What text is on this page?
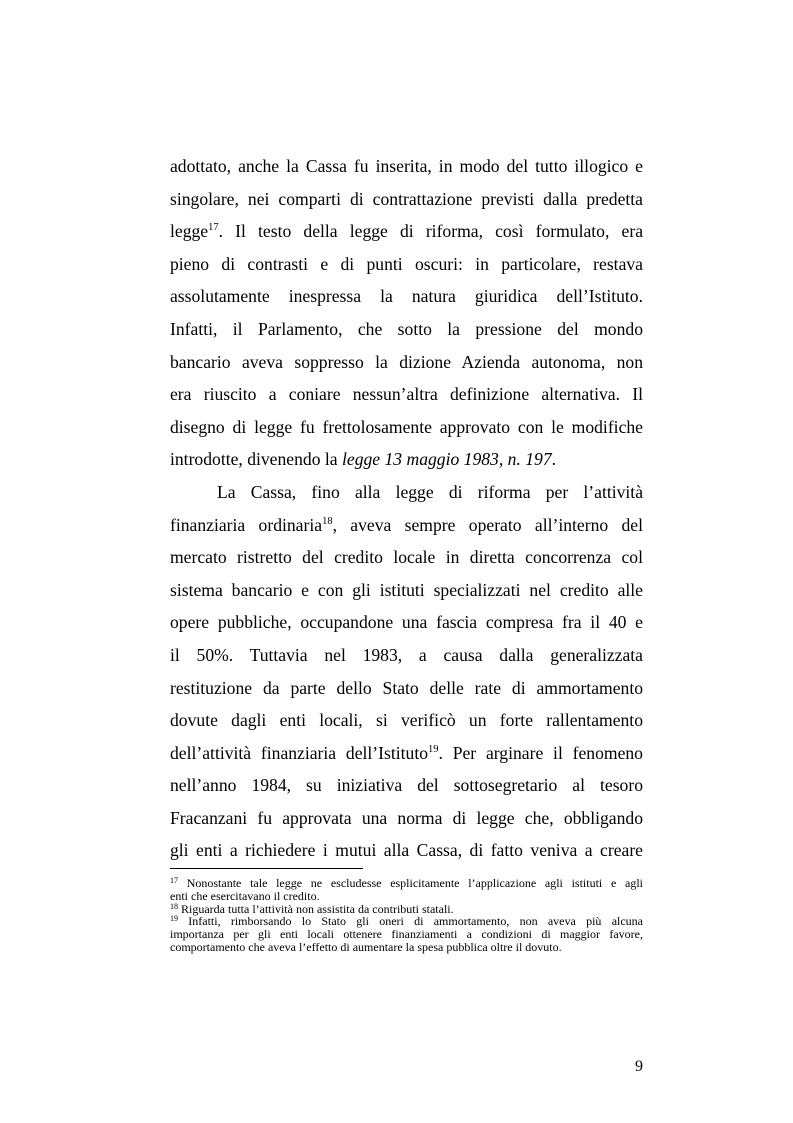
adottato, anche la Cassa fu inserita, in modo del tutto illogico e
singolare, nei comparti di contrattazione previsti dalla predetta
legge$^{17}$. Il testo della legge di riforma, così formulato, era
pieno di contrasti e di punti oscuri: in particolare, restava
assolutamente inespressa la natura giuridica dell’Istituto.
Infatti, il Parlamento, che sotto la pressione del mondo
bancario aveva soppresso la dizione Azienda autonoma, non
era riuscito a coniare nessun’altra definizione alternativa. Il
disegno di legge fu frettolosamente approvato con le modifiche
introdotte, divenendo la legge 13 maggio 1983, n. 197.
La Cassa, fino alla legge di riforma per l’attività
finanziaria ordinaria$^{18}$, aveva sempre operato all’interno del
mercato ristretto del credito locale in diretta concorrenza col
sistema bancario e con gli istituti specializzati nel credito alle
opere pubbliche, occupandone una fascia compresa fra il 40 e
il 50%. Tuttavia nel 1983, a causa dalla generalizzata
restituzione da parte dello Stato delle rate di ammortamento
dovute dagli enti locali, si verificò un forte rallentamento
dell’attività finanziaria dell’Istituto$^{19}$. Per arginare il fenomeno
nell’anno 1984, su iniziativa del sottosegretario al tesoro
Fracanzani fu approvata una norma di legge che, obbligando
gli enti a richiedere i mutui alla Cassa, di fatto veniva a creare
$^{17}$ Nonostante tale legge ne escludesse esplicitamente l’applicazione agli istituti e agli
enti che esercitavano il credito.
$^{18}$ Riguarda tutta l’attività non assistita da contributi statali.
$^{19}$ Infatti, rimborsando lo Stato gli oneri di ammortamento, non aveva più alcuna
importanza per gli enti locali ottenere finanziamenti a condizioni di maggior favore,
comportamento che aveva l’effetto di aumentare la spesa pubblica oltre il dovuto.
9
